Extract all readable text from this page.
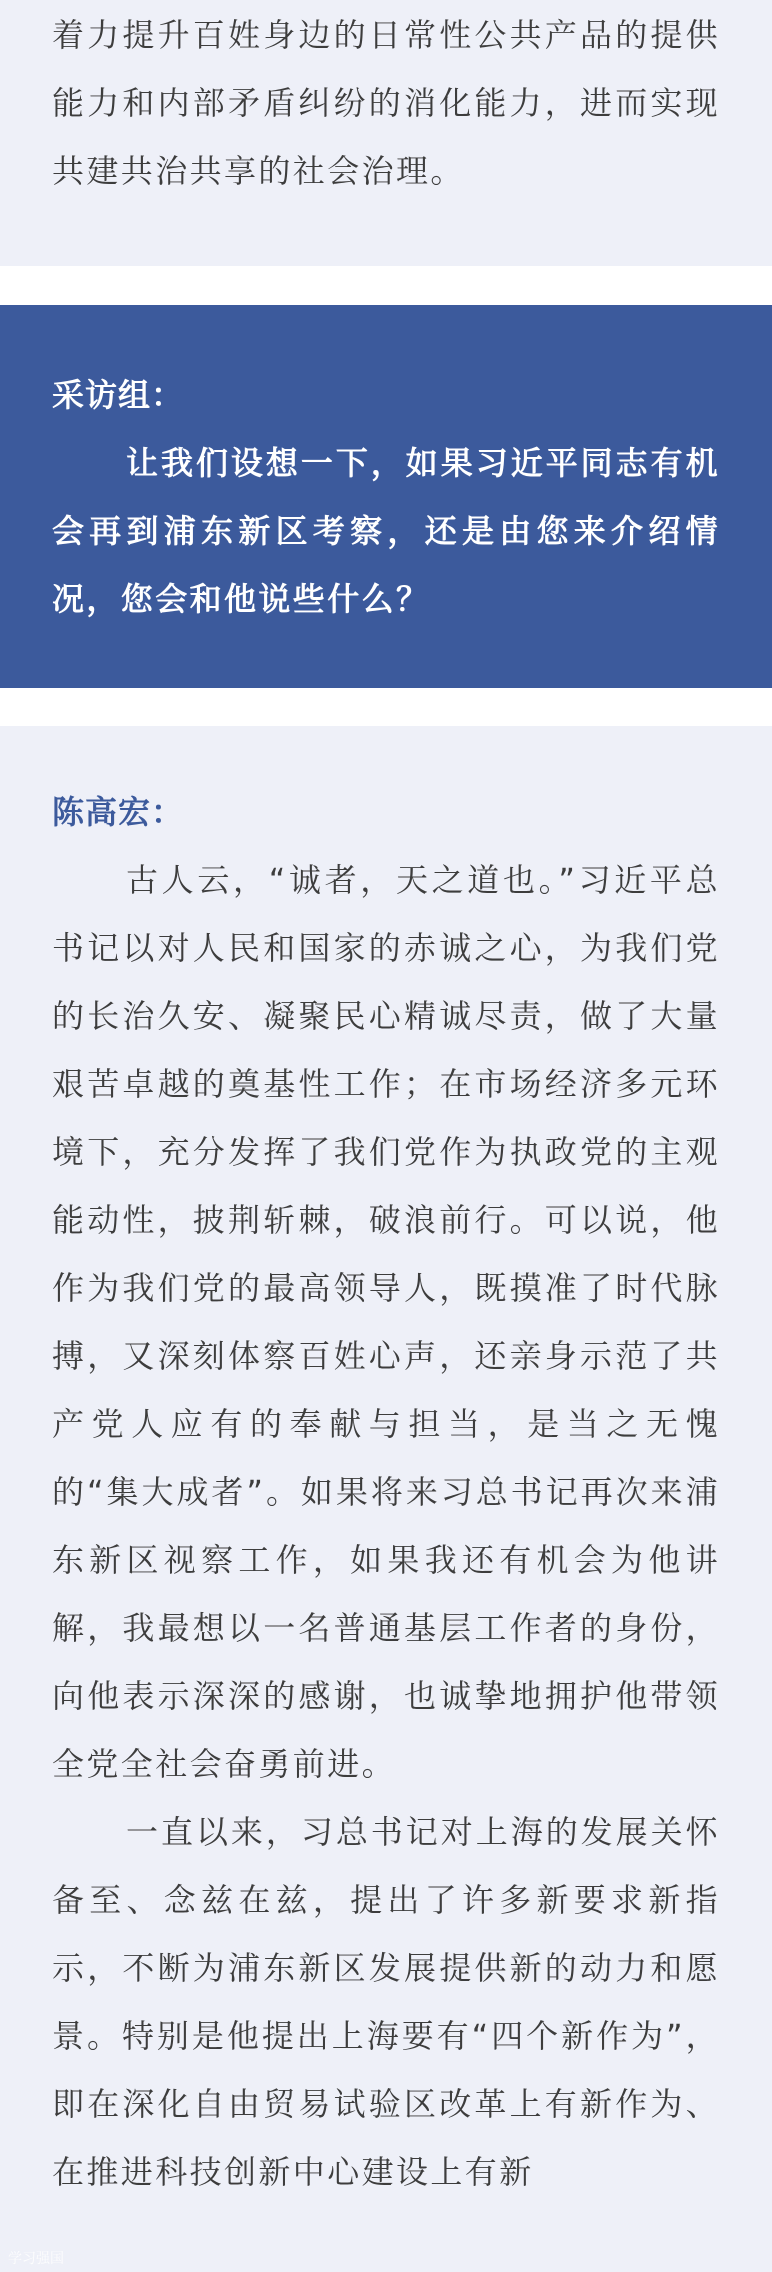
着力提升百姓身边的日常性公共产品的提供能力和内部矛盾纠纷的消化能力，进而实现共建共治共享的社会治理。

采访组：

让我们设想一下，如果习近平同志有机会再到浦东新区考察，还是由您来介绍情况，您会和他说些什么？

陈高宏：

古人云，“诚者，天之道也。”习近平总书记以对人民和国家的赤诚之心，为我们党的长治久安、凝聚民心精诚尽责，做了大量艰苦卓越的奠基性工作；在市场经济多元环境下，充分发挥了我们党作为执政党的主观能动性，披荆斩棘，破浪前行。可以说，他作为我们党的最高领导人，既摸准了时代脉搏，又深刻体察百姓心声，还亲身示范了共产党人应有的奉献与担当，是当之无愧的“集大成者”。如果将来习总书记再次来浦东新区视察工作，如果我还有机会为他讲解，我最想以一名普通基层工作者的身份，向他表示深深的感谢，也诚挚地拥护他带领全党全社会奋勇前进。

一直以来，习总书记对上海的发展关怀备至、念兹在兹，提出了许多新要求新指示，不断为浦东新区发展提供新的动力和愿景。特别是他提出上海要有“四个新作为”，即在深化自由贸易试验区改革上有新作为、在推进科技创新中心建设上有新

学习强国
